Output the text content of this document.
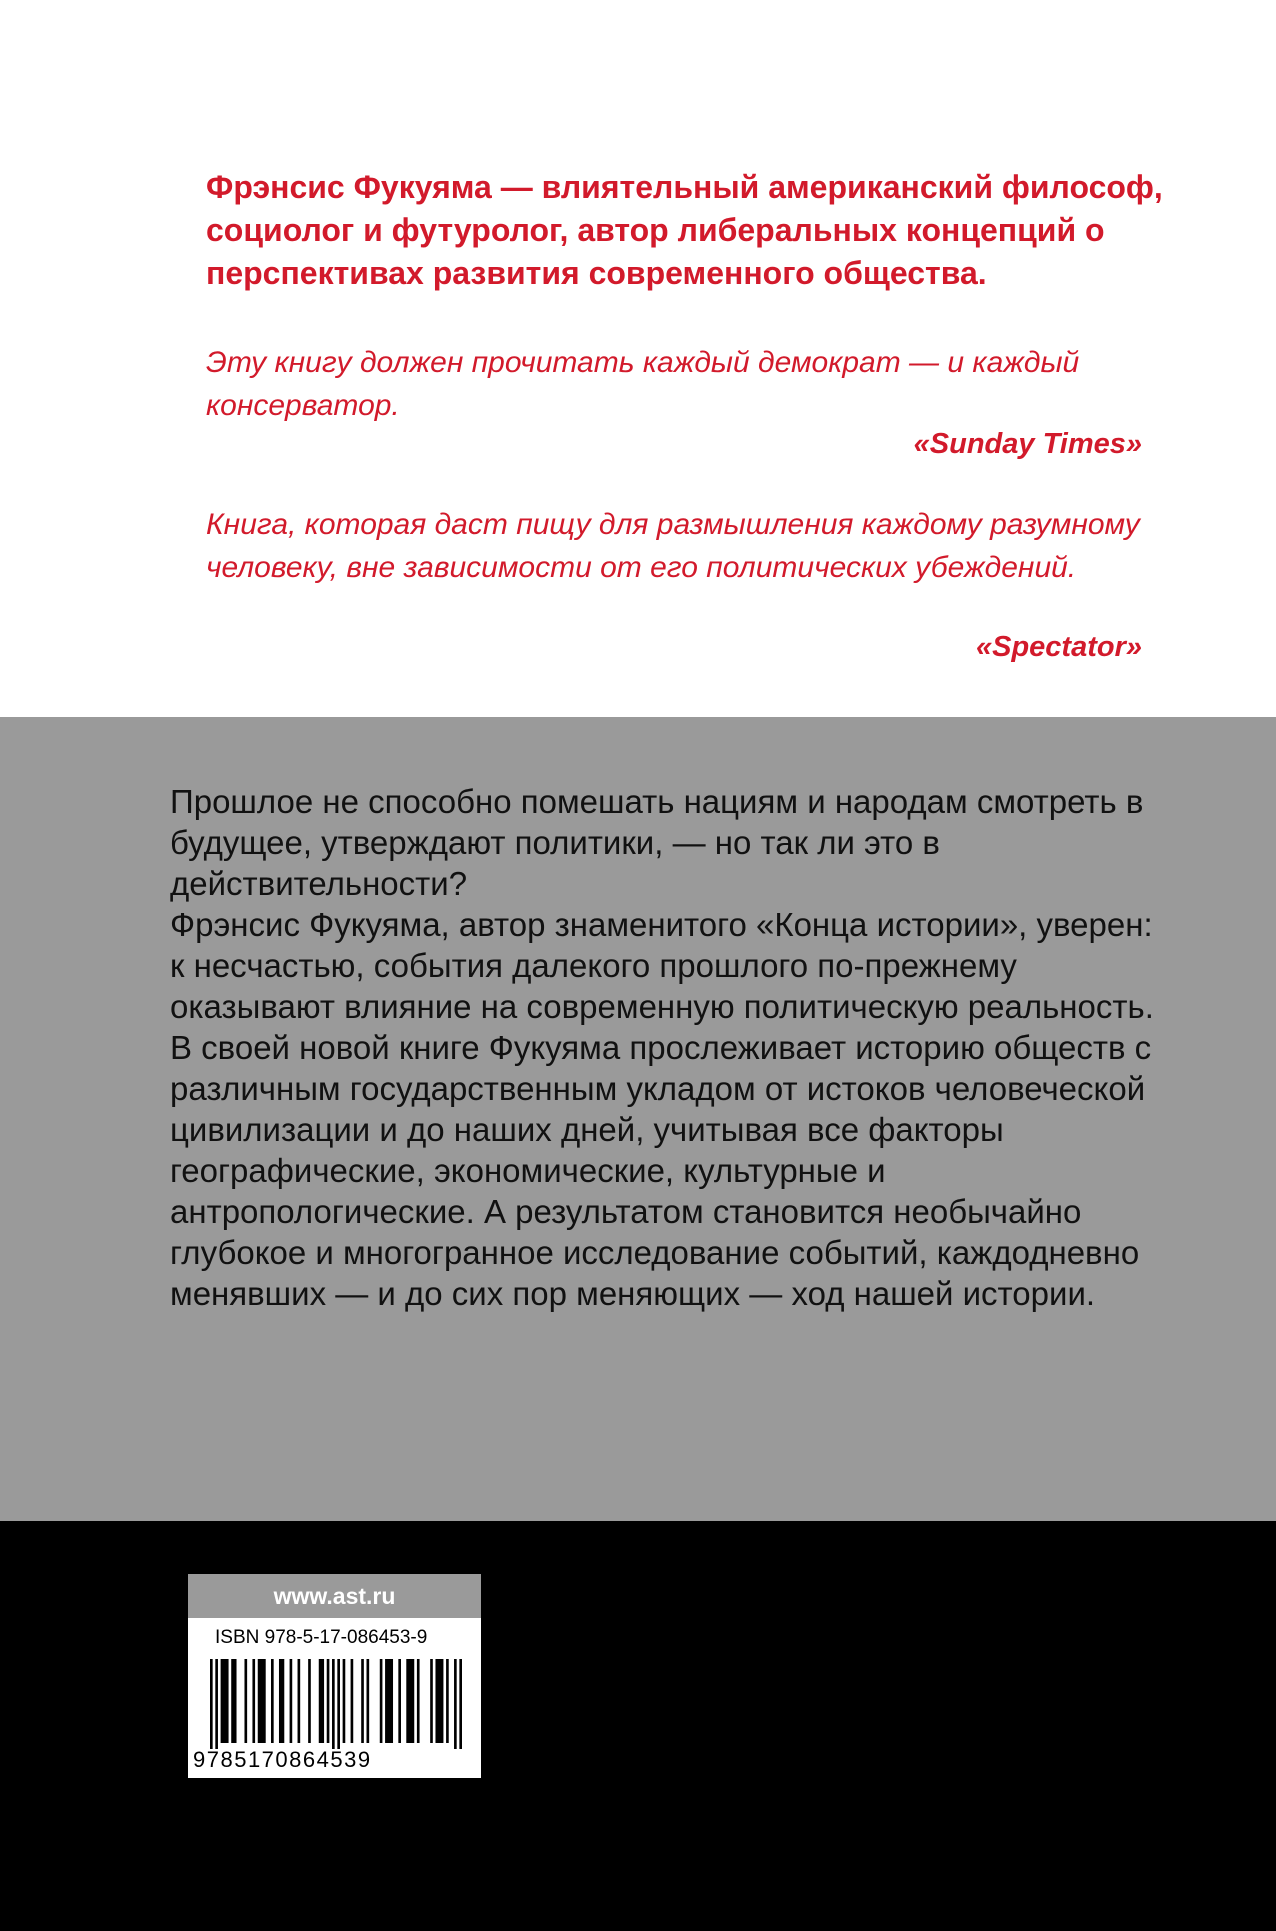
Фрэнсис Фукуяма — влиятельный американский философ, социолог и футуролог, автор либеральных концепций о перспективах развития современного общества.

Эту книгу должен прочитать каждый демократ — и каждый консерватор.

«Sunday Times»

Книга, которая даст пищу для размышления каждому разумному человеку, вне зависимости от его политических убеждений.

«Spectator»

Прошлое не способно помешать нациям и народам смотреть в будущее, утверждают политики, — но так ли это в действительности?

Фрэнсис Фукуяма, автор знаменитого «Конца истории», уверен: к несчастью, события далекого прошлого по-прежнему оказывают влияние на современную политическую реальность.

В своей новой книге Фукуяма прослеживает историю обществ с различным государственным укладом от истоков человеческой цивилизации и до наших дней, учитывая все факторы географические, экономические, культурные и антропологические. А результатом становится необычайно глубокое и многогранное исследование событий, каждодневно менявших — и до сих пор меняющих — ход нашей истории.

www.ast.ru

ISBN 978-5-17-086453-9

9785170864539
